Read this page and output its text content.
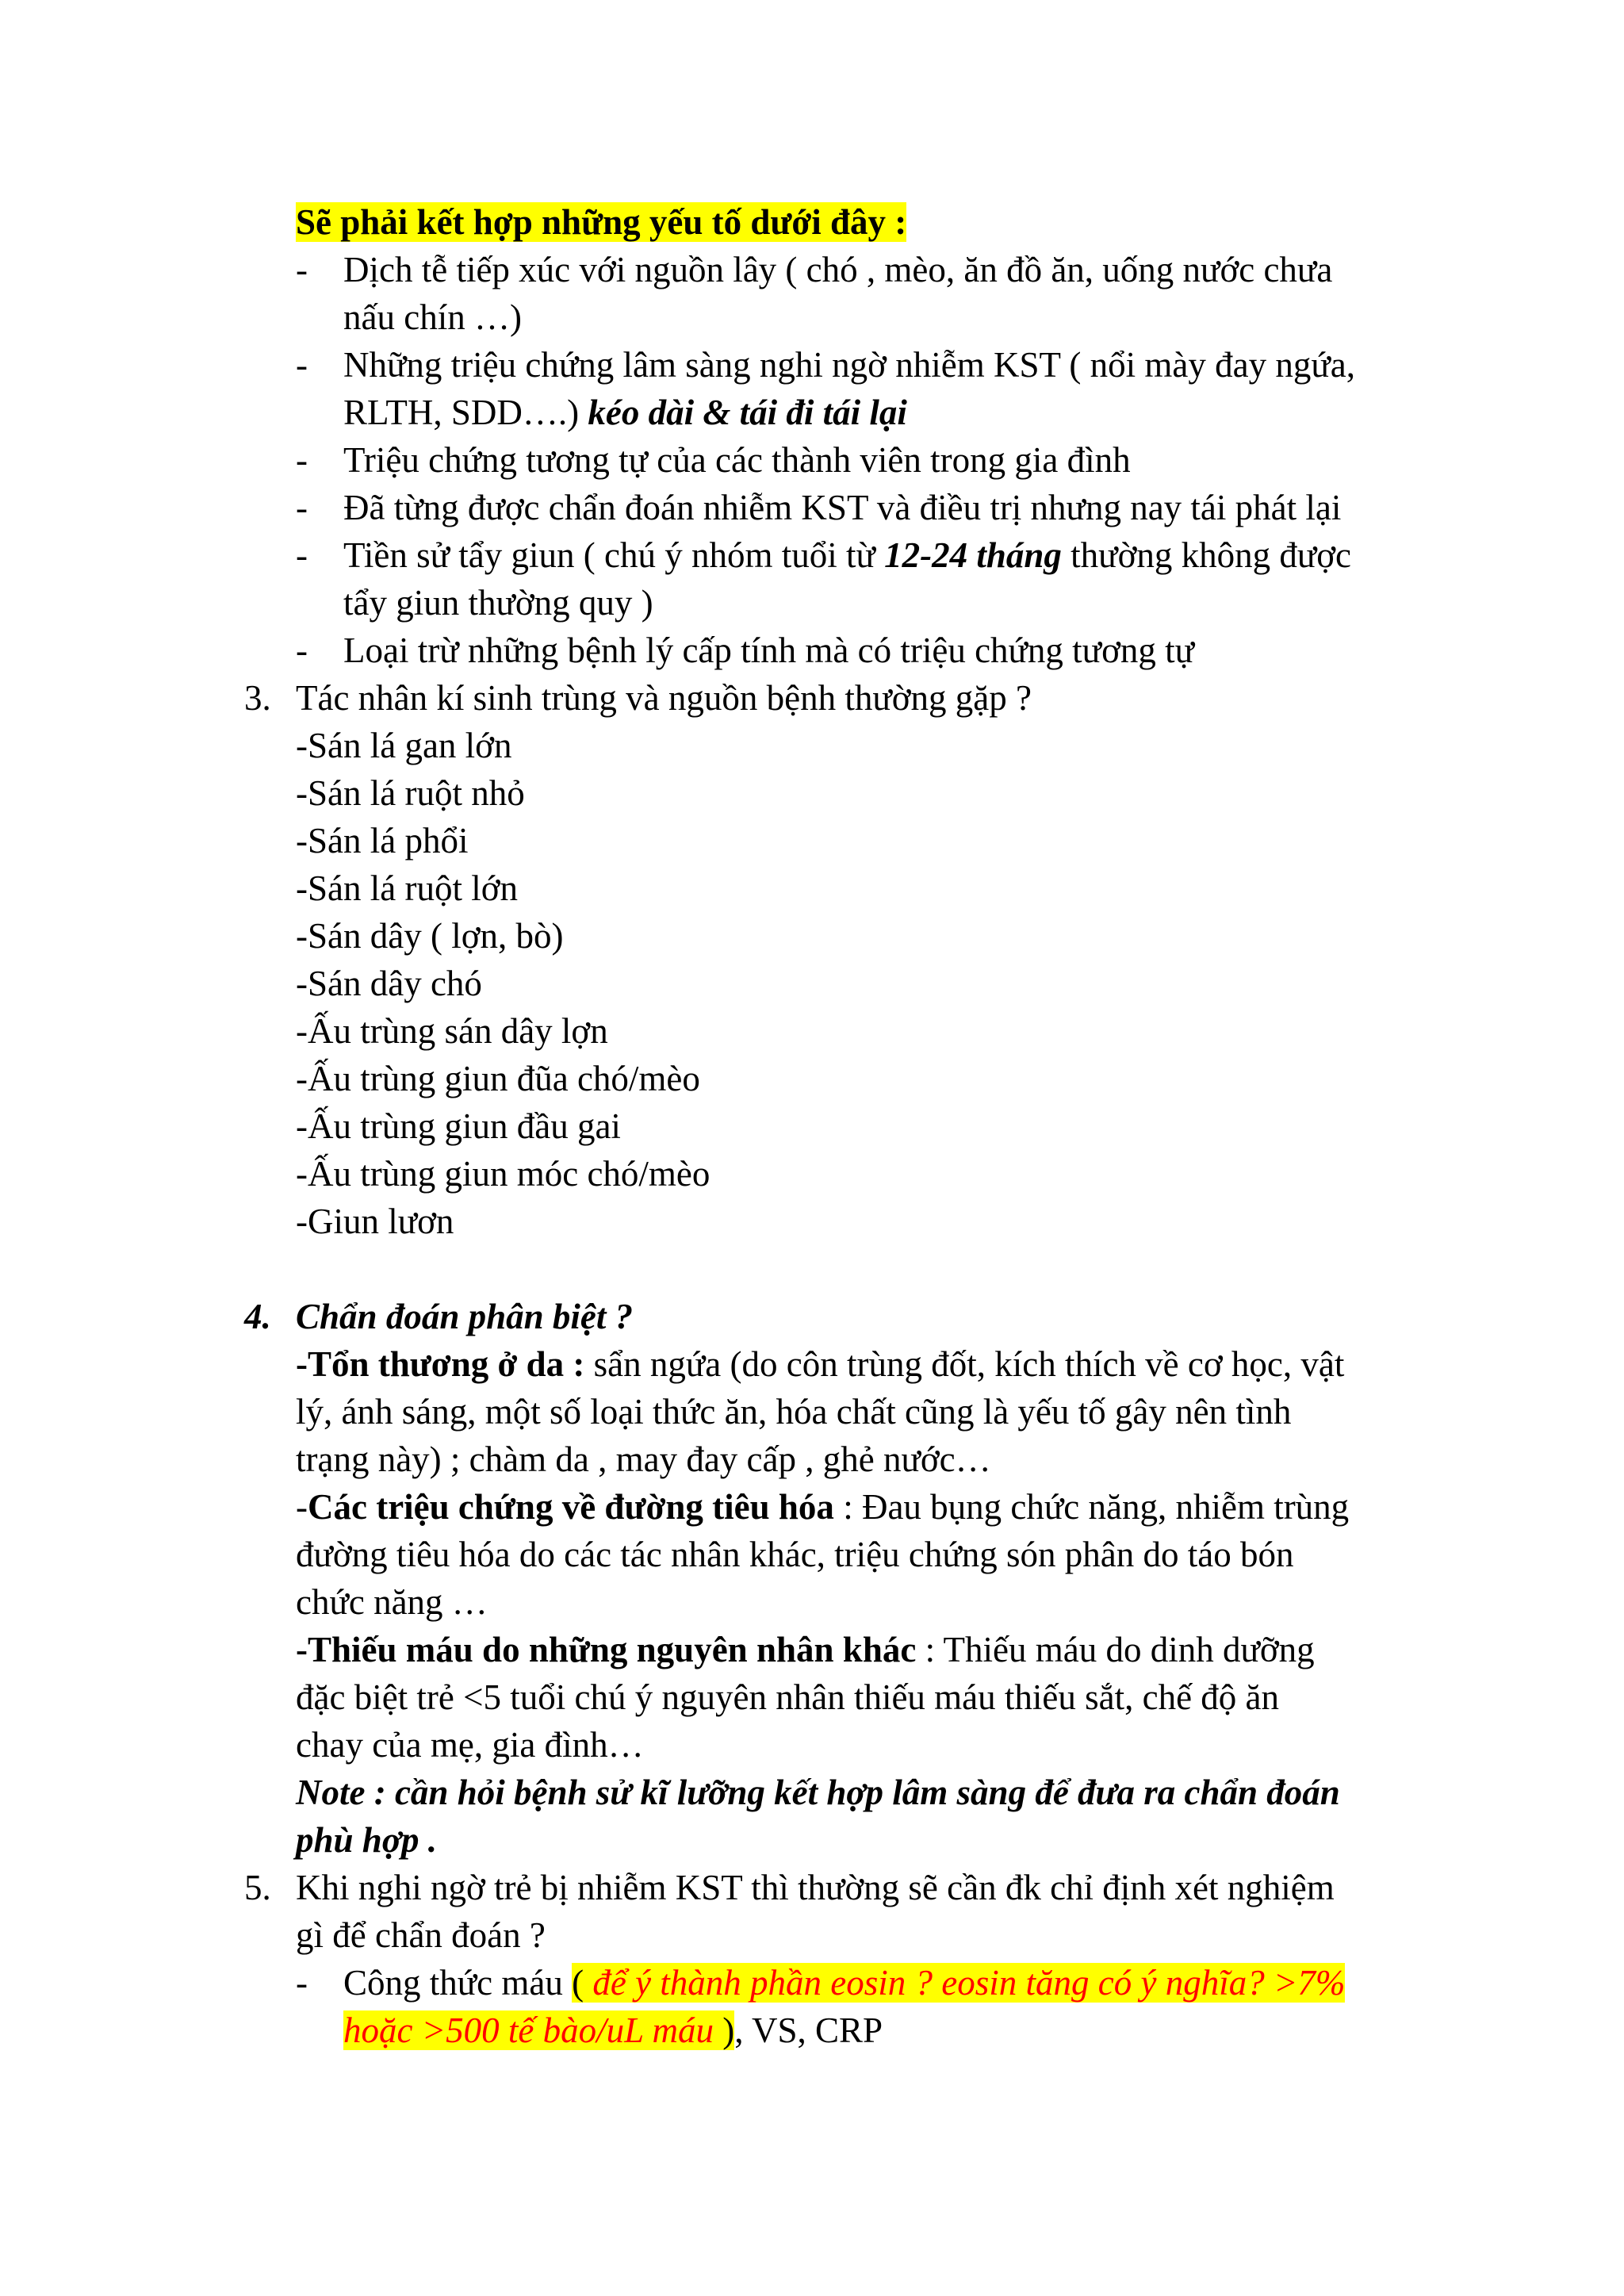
Sẽ phải kết hợp những yếu tố dưới đây :
- Dịch tễ tiếp xúc với nguồn lây ( chó , mèo, ăn đồ ăn, uống nước chưa
nấu chín …)
- Những triệu chứng lâm sàng nghi ngờ nhiễm KST ( nổi mày đay ngứa,
RLTH, SDD….) kéo dài & tái đi tái lại
- Triệu chứng tương tự của các thành viên trong gia đình
- Đã từng được chẩn đoán nhiễm KST và điều trị nhưng nay tái phát lại
- Tiền sử tẩy giun ( chú ý nhóm tuổi từ 12-24 tháng thường không được
tẩy giun thường quy )
- Loại trừ những bệnh lý cấp tính mà có triệu chứng tương tự
3. Tác nhân kí sinh trùng và nguồn bệnh thường gặp ?
-Sán lá gan lớn
-Sán lá ruột nhỏ
-Sán lá phổi
-Sán lá ruột lớn
-Sán dây ( lợn, bò)
-Sán dây chó
-Ấu trùng sán dây lợn
-Ấu trùng giun đũa chó/mèo
-Ấu trùng giun đầu gai
-Ấu trùng giun móc chó/mèo
-Giun lươn
4. Chẩn đoán phân biệt ?
-Tổn thương ở da : sẩn ngứa (do côn trùng đốt, kích thích về cơ học, vật
lý, ánh sáng, một số loại thức ăn, hóa chất cũng là yếu tố gây nên tình
trạng này) ; chàm da , may đay cấp , ghẻ nước…
-Các triệu chứng về đường tiêu hóa : Đau bụng chức năng, nhiễm trùng
đường tiêu hóa do các tác nhân khác, triệu chứng són phân do táo bón
chức năng …
-Thiếu máu do những nguyên nhân khác : Thiếu máu do dinh dưỡng
đặc biệt trẻ <5 tuổi chú ý nguyên nhân thiếu máu thiếu sắt, chế độ ăn
chay của mẹ, gia đình…
Note : cần hỏi bệnh sử kĩ lưỡng kết hợp lâm sàng để đưa ra chẩn đoán
phù hợp .
5. Khi nghi ngờ trẻ bị nhiễm KST thì thường sẽ cần đk chỉ định xét nghiệm
gì để chẩn đoán ?
- Công thức máu ( để ý thành phần eosin ? eosin tăng có ý nghĩa? >7%
hoặc >500 tế bào/uL máu ), VS, CRP
